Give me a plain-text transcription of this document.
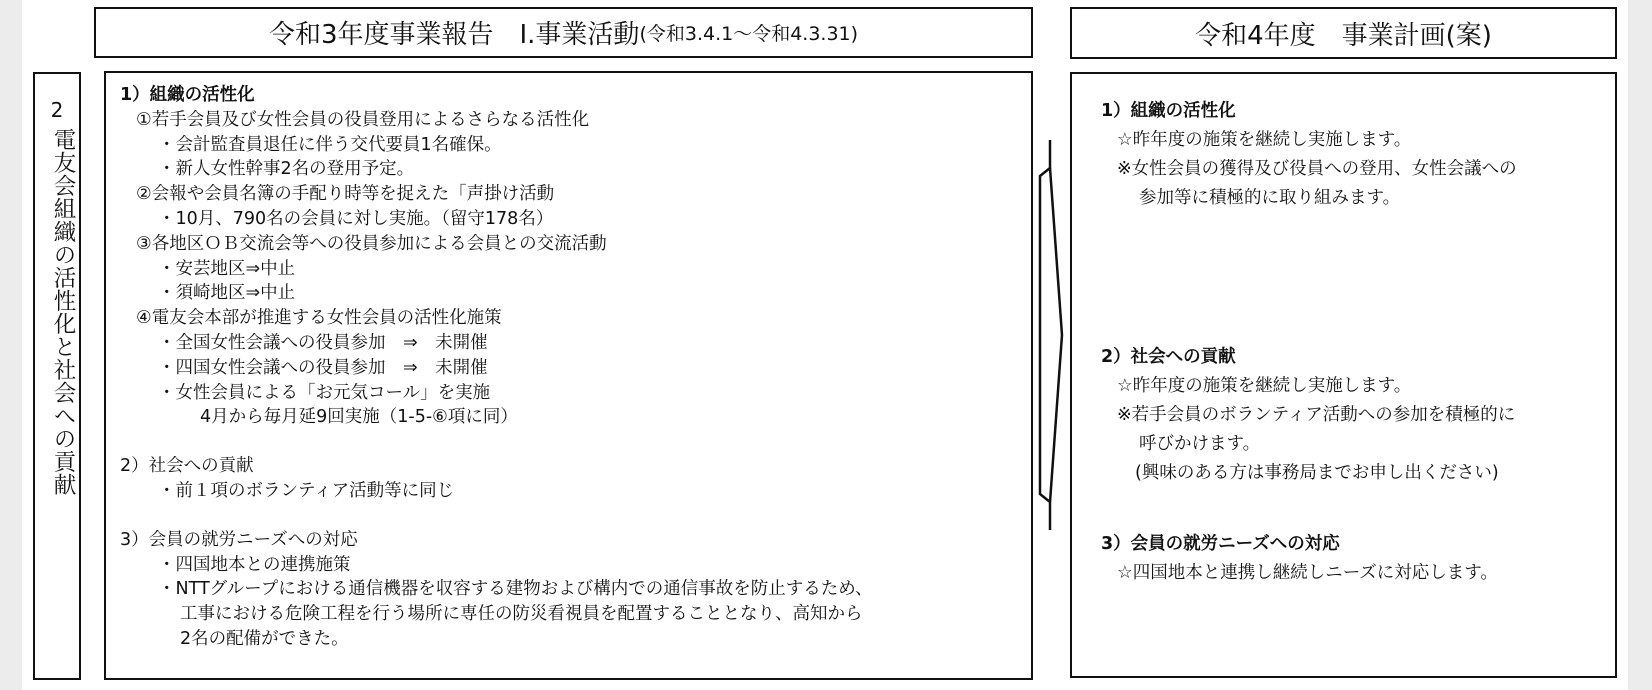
令和3年度事業報告　Ⅰ.事業活動 (令和3.4.1～令和4.3.31)	令和4年度　事業計画(案)
2
電友会組織の活性化と社会への貢献
1）組織の活性化
①若手会員及び女性会員の役員登用によるさらなる活性化
・会計監査員退任に伴う交代要員1名確保。
・新人女性幹事2名の登用予定。
②会報や会員名簿の手配り時等を捉えた「声掛け活動
・10月、790名の会員に対し実施。（留守178名）
③各地区ＯＢ交流会等への役員参加による会員との交流活動
・安芸地区⇒中止
・須崎地区⇒中止
④電友会本部が推進する女性会員の活性化施策
・全国女性会議への役員参加　⇒　未開催
・四国女性会議への役員参加　⇒　未開催
・女性会員による「お元気コール」を実施
4月から毎月延9回実施（1-5-⑥項に同）
2）社会への貢献
・前１項のボランティア活動等に同じ
3）会員の就労ニーズへの対応
・四国地本との連携施策
・NTTグループにおける通信機器を収容する建物および構内での通信事故を防止するため、
工事における危険工程を行う場所に専任の防災看視員を配置することとなり、高知から
2名の配備ができた。
1）組織の活性化
☆昨年度の施策を継続し実施します。
※女性会員の獲得及び役員への登用、女性会議への
参加等に積極的に取り組みます。
2）社会への貢献
☆昨年度の施策を継続し実施します。
※若手会員のボランティア活動への参加を積極的に
呼びかけます。
(興味のある方は事務局までお申し出ください)
3）会員の就労ニーズへの対応
☆四国地本と連携し継続しニーズに対応します。
